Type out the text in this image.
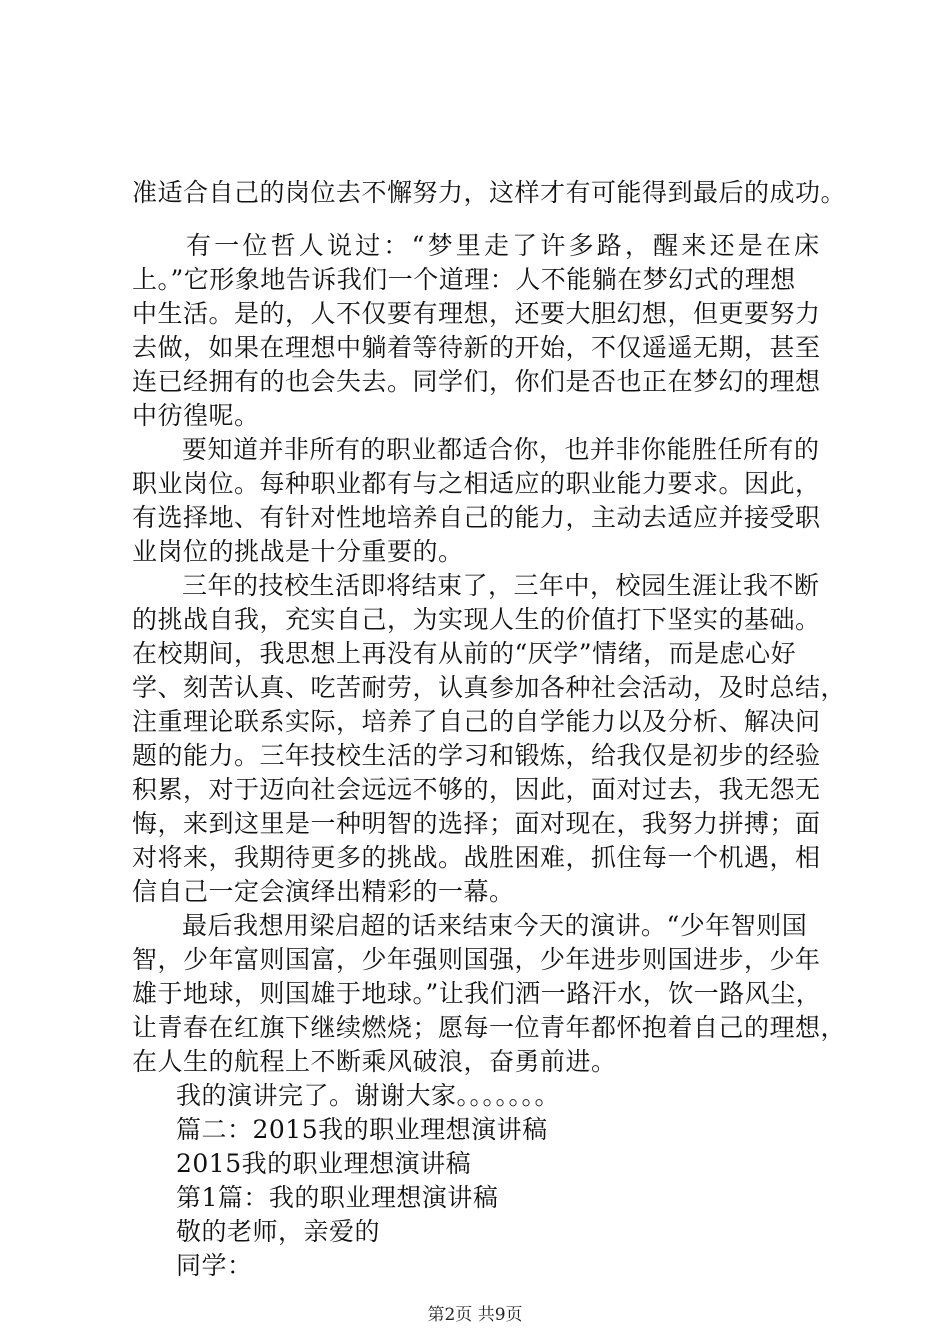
准适合自己的岗位去不懈努力，这样才有可能得到最后的成功。
有一位哲人说过：“梦里走了许多路，醒来还是在床
上。”它形象地告诉我们一个道理：人不能躺在梦幻式的理想
中生活。是的，人不仅要有理想，还要大胆幻想，但更要努力
去做，如果在理想中躺着等待新的开始，不仅遥遥无期，甚至
连已经拥有的也会失去。同学们，你们是否也正在梦幻的理想
中彷徨呢。
要知道并非所有的职业都适合你，也并非你能胜任所有的
职业岗位。每种职业都有与之相适应的职业能力要求。因此，
有选择地、有针对性地培养自己的能力，主动去适应并接受职
业岗位的挑战是十分重要的。
三年的技校生活即将结束了，三年中，校园生涯让我不断
的挑战自我，充实自己，为实现人生的价值打下坚实的基础。
在校期间，我思想上再没有从前的“厌学”情绪，而是虑心好
学、刻苦认真、吃苦耐劳，认真参加各种社会活动，及时总结，
注重理论联系实际，培养了自己的自学能力以及分析、解决问
题的能力。三年技校生活的学习和锻炼，给我仅是初步的经验
积累，对于迈向社会远远不够的，因此，面对过去，我无怨无
悔，来到这里是一种明智的选择；面对现在，我努力拼搏；面
对将来，我期待更多的挑战。战胜困难，抓住每一个机遇，相
信自己一定会演绎出精彩的一幕。
最后我想用梁启超的话来结束今天的演讲。“少年智则国
智，少年富则国富，少年强则国强，少年进步则国进步，少年
雄于地球，则国雄于地球。”让我们洒一路汗水，饮一路风尘，
让青春在红旗下继续燃烧；愿每一位青年都怀抱着自己的理想，
在人生的航程上不断乘风破浪，奋勇前进。
我的演讲完了。谢谢大家。。。。。。。
篇二：2015我的职业理想演讲稿
2015我的职业理想演讲稿
第1篇：我的职业理想演讲稿
敬的老师，亲爱的
同学：
第2页 共9页
